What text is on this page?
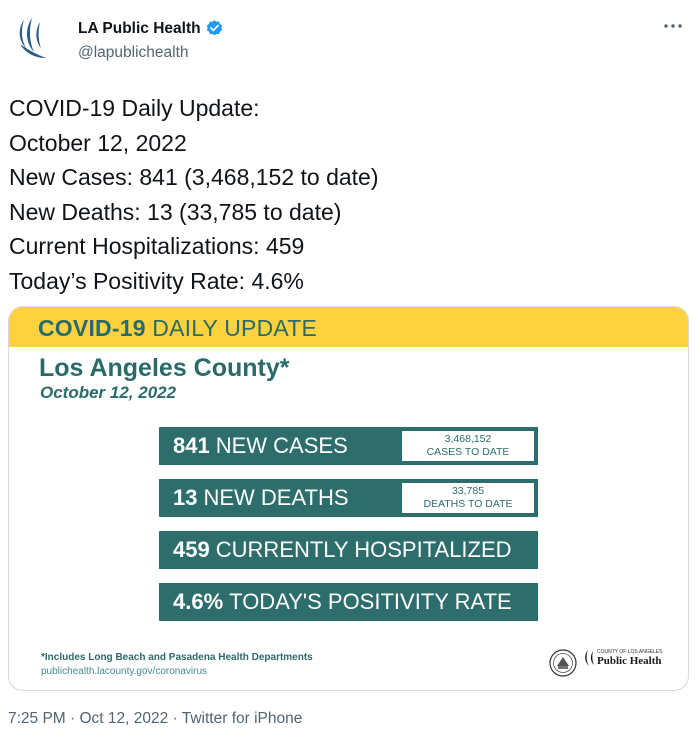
LA Public Health
@lapublichealth
COVID-19 Daily Update:
October 12, 2022
New Cases: 841 (3,468,152 to date)
New Deaths: 13 (33,785 to date)
Current Hospitalizations: 459
Today’s Positivity Rate: 4.6%
COVID-19 DAILY UPDATE
Los Angeles County*
October 12, 2022
841 NEW CASES	3,468,152
CASES TO DATE
13 NEW DEATHS	33,785
DEATHS TO DATE
459 CURRENTLY HOSPITALIZED
4.6% TODAY'S POSITIVITY RATE
*Includes Long Beach and Pasadena Health Departments
publichealth.lacounty.gov/coronavirus
COUNTY OF LOS ANGELES
Public Health
7:25 PM · Oct 12, 2022 · Twitter for iPhone
